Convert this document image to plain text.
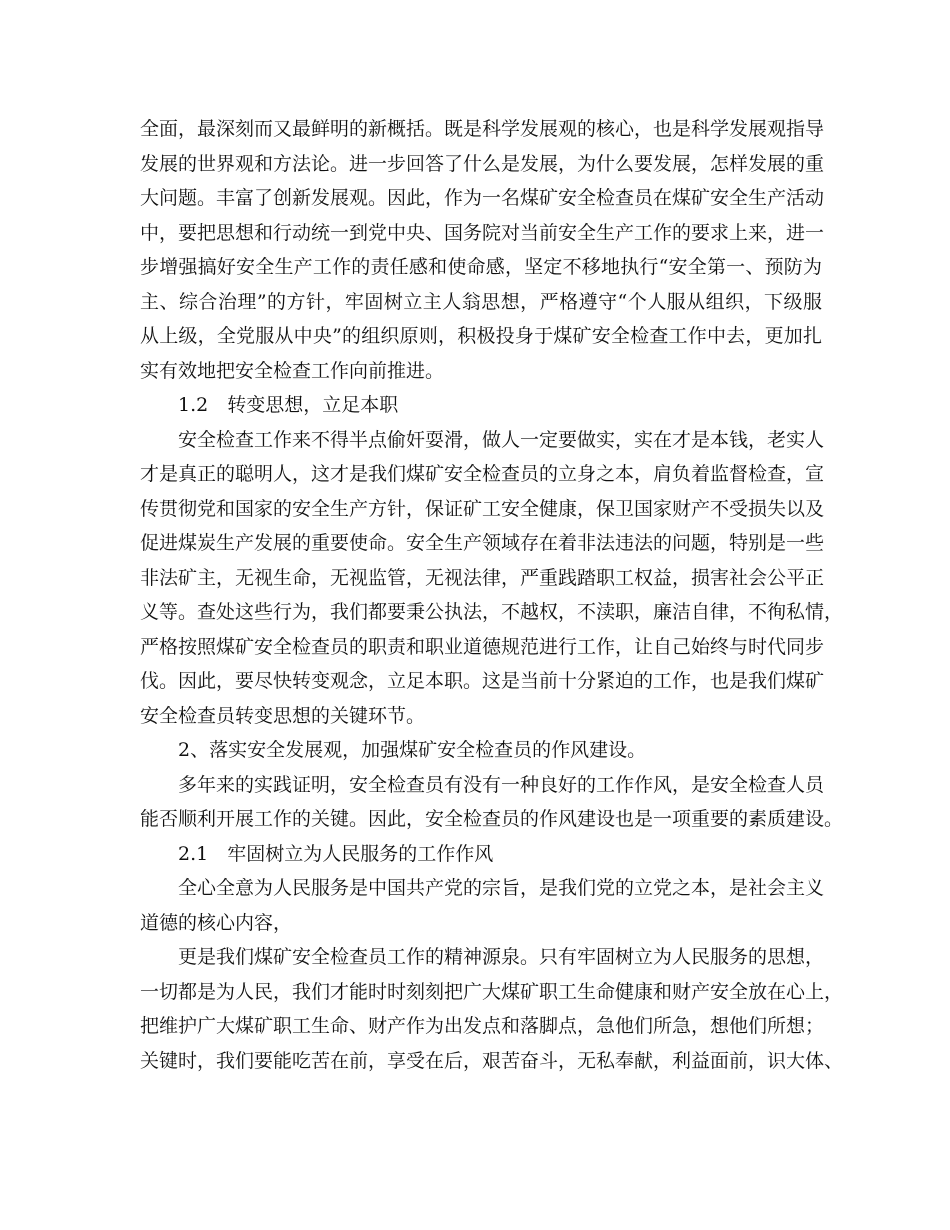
全面，最深刻而又最鲜明的新概括。既是科学发展观的核心，也是科学发展观指导
发展的世界观和方法论。进一步回答了什么是发展，为什么要发展，怎样发展的重
大问题。丰富了创新发展观。因此，作为一名煤矿安全检查员在煤矿安全生产活动
中，要把思想和行动统一到党中央、国务院对当前安全生产工作的要求上来，进一
步增强搞好安全生产工作的责任感和使命感，坚定不移地执行“安全第一、预防为
主、综合治理”的方针，牢固树立主人翁思想，严格遵守“个人服从组织，下级服
从上级，全党服从中央”的组织原则，积极投身于煤矿安全检查工作中去，更加扎
实有效地把安全检查工作向前推进。
1.2　转变思想，立足本职
安全检查工作来不得半点偷奸耍滑，做人一定要做实，实在才是本钱，老实人
才是真正的聪明人，这才是我们煤矿安全检查员的立身之本，肩负着监督检查，宣
传贯彻党和国家的安全生产方针，保证矿工安全健康，保卫国家财产不受损失以及
促进煤炭生产发展的重要使命。安全生产领域存在着非法违法的问题，特别是一些
非法矿主，无视生命，无视监管，无视法律，严重践踏职工权益，损害社会公平正
义等。查处这些行为，我们都要秉公执法，不越权，不渎职，廉洁自律，不徇私情，
严格按照煤矿安全检查员的职责和职业道德规范进行工作，让自己始终与时代同步
伐。因此，要尽快转变观念，立足本职。这是当前十分紧迫的工作，也是我们煤矿
安全检查员转变思想的关键环节。
2、落实安全发展观，加强煤矿安全检查员的作风建设。
多年来的实践证明，安全检查员有没有一种良好的工作作风，是安全检查人员
能否顺利开展工作的关键。因此，安全检查员的作风建设也是一项重要的素质建设。
2.1　牢固树立为人民服务的工作作风
全心全意为人民服务是中国共产党的宗旨，是我们党的立党之本，是社会主义
道德的核心内容，
更是我们煤矿安全检查员工作的精神源泉。只有牢固树立为人民服务的思想，
一切都是为人民，我们才能时时刻刻把广大煤矿职工生命健康和财产安全放在心上，
把维护广大煤矿职工生命、财产作为出发点和落脚点，急他们所急，想他们所想；
关键时，我们要能吃苦在前，享受在后，艰苦奋斗，无私奉献，利益面前，识大体、
